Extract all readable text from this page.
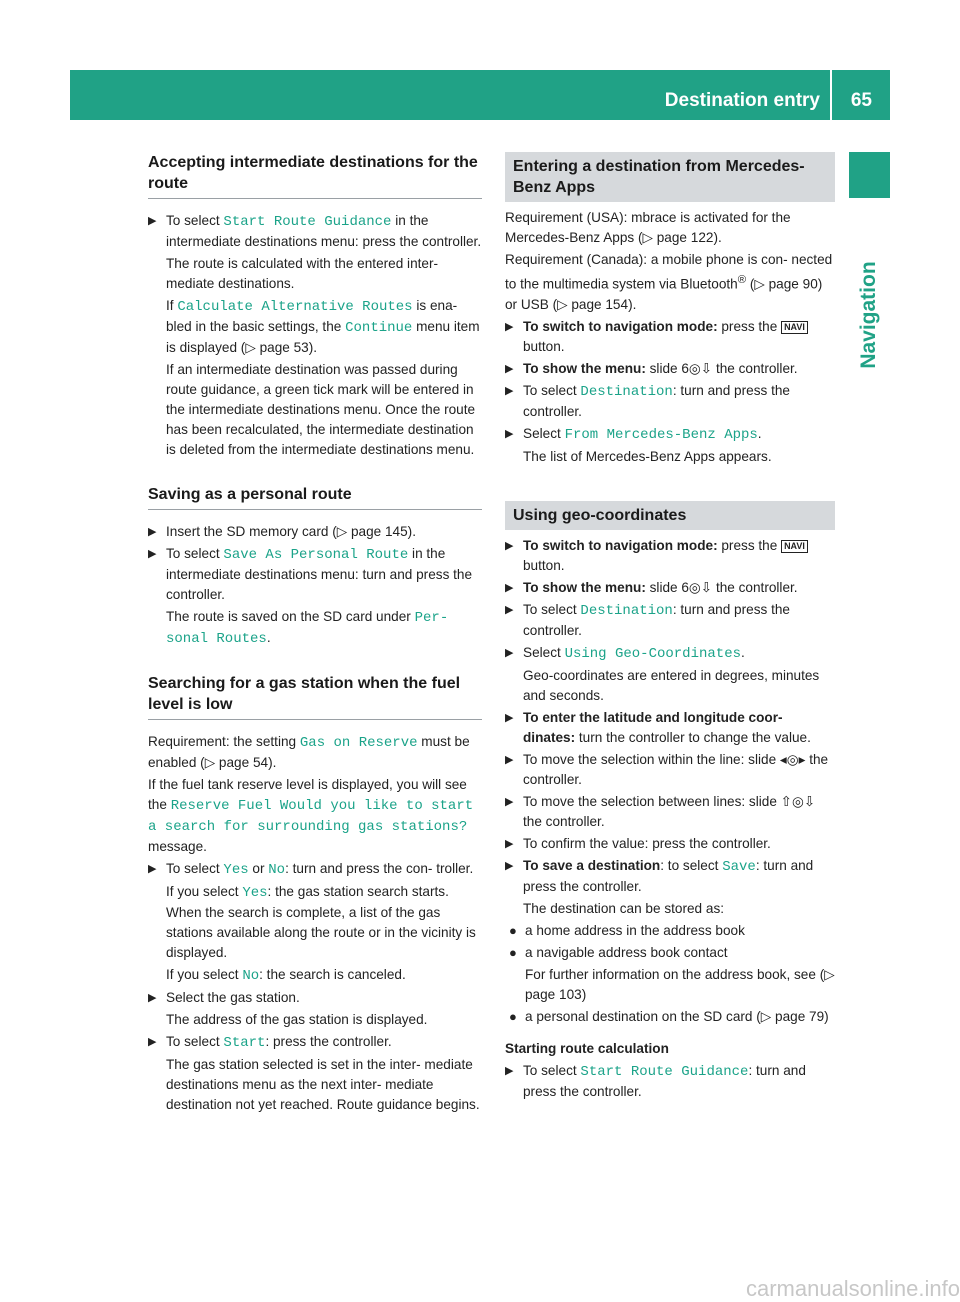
Destination entry 65
Navigation
Accepting intermediate destinations for the route
▶ To select Start Route Guidance in the intermediate destinations menu: press the controller.
The route is calculated with the entered inter- mediate destinations.
If Calculate Alternative Routes is ena- bled in the basic settings, the Continue menu item is displayed (▷ page 53).
If an intermediate destination was passed during route guidance, a green tick mark will be entered in the intermediate destinations menu. Once the route has been recalculated, the intermediate destination is deleted from the intermediate destinations menu.
Saving as a personal route
▶ Insert the SD memory card (▷ page 145).
▶ To select Save As Personal Route in the intermediate destinations menu: turn and press the controller.
The route is saved on the SD card under Per‐ sonal Routes.
Searching for a gas station when the fuel level is low
Requirement: the setting Gas on Reserve must be enabled (▷ page 54).
If the fuel tank reserve level is displayed, you will see the Reserve Fuel Would you like to start a search for surrounding gas stations? message.
▶ To select Yes or No: turn and press the con- troller.
If you select Yes: the gas station search starts. When the search is complete, a list of the gas stations available along the route or in the vicinity is displayed.
If you select No: the search is canceled.
▶ Select the gas station.
The address of the gas station is displayed.
▶ To select Start: press the controller.
The gas station selected is set in the inter- mediate destinations menu as the next inter- mediate destination not yet reached. Route guidance begins.
Entering a destination from Mercedes-Benz Apps
Requirement (USA): mbrace is activated for the Mercedes-Benz Apps (▷ page 122).
Requirement (Canada): a mobile phone is con- nected to the multimedia system via Bluetooth® (▷ page 90) or USB (▷ page 154).
▶ To switch to navigation mode: press the NAVI button.
▶ To show the menu: slide 6◎⇩ the controller.
▶ To select Destination: turn and press the controller.
▶ Select From Mercedes-Benz Apps.
The list of Mercedes-Benz Apps appears.
Using geo-coordinates
▶ To switch to navigation mode: press the NAVI button.
▶ To show the menu: slide 6◎⇩ the controller.
▶ To select Destination: turn and press the controller.
▶ Select Using Geo-Coordinates.
Geo-coordinates are entered in degrees, minutes and seconds.
▶ To enter the latitude and longitude coor- dinates: turn the controller to change the value.
▶ To move the selection within the line: slide ◂◎▸ the controller.
▶ To move the selection between lines: slide ⇧◎⇩ the controller.
▶ To confirm the value: press the controller.
▶ To save a destination: to select Save: turn and press the controller.
The destination can be stored as:
● a home address in the address book
● a navigable address book contact
For further information on the address book, see (▷ page 103)
● a personal destination on the SD card (▷ page 79)
Starting route calculation
▶ To select Start Route Guidance: turn and press the controller.
carmanualsonline.info
